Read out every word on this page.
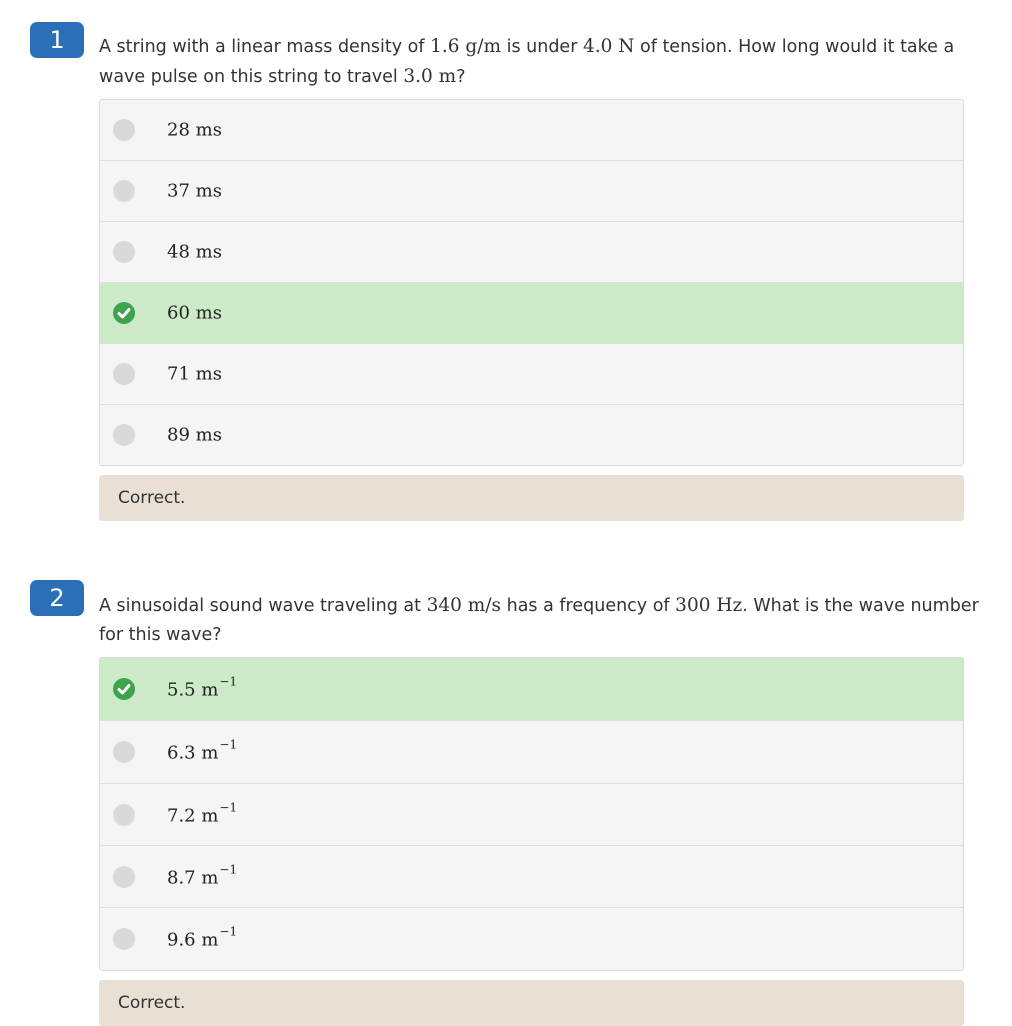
1	A string with a linear mass density of 1.6 g/m is under 4.0 N of tension. How long would it take a wave pulse on this string to travel 3.0 m?
28 ms
37 ms
48 ms
60 ms
71 ms
89 ms
Correct.
2	A sinusoidal sound wave traveling at 340 m/s has a frequency of 300 Hz. What is the wave number for this wave?
5.5 $m^{-1}$
6.3 $m^{-1}$
7.2 $m^{-1}$
8.7 $m^{-1}$
9.6 $m^{-1}$
Correct.
